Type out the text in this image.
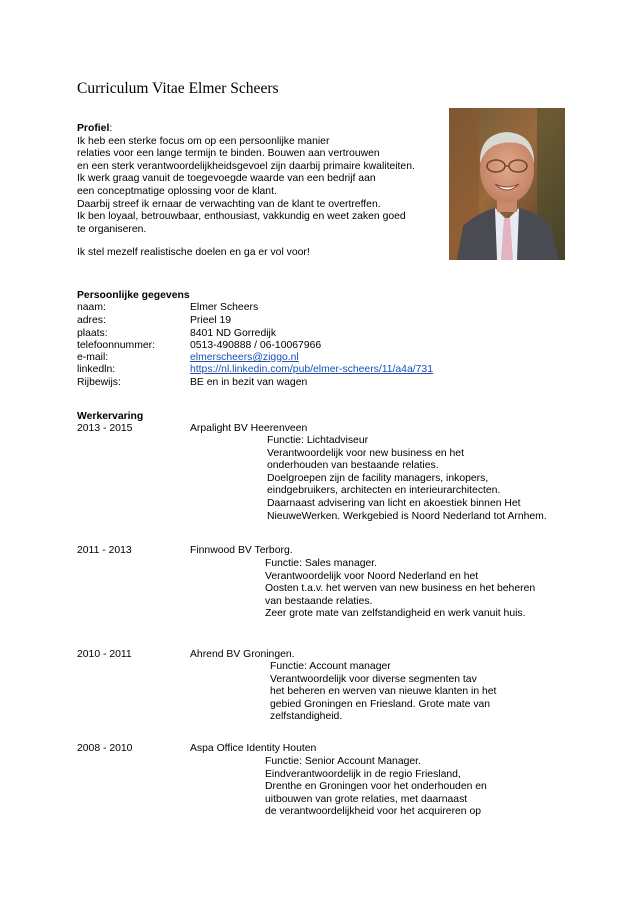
Curriculum Vitae Elmer Scheers
Profiel:
Ik heb een sterke focus om op een persoonlijke manier
relaties voor een lange termijn te binden. Bouwen aan vertrouwen
en een sterk verantwoordelijkheidsgevoel zijn daarbij primaire kwaliteiten.
Ik werk graag vanuit de toegevoegde waarde van een bedrijf aan
een conceptmatige oplossing voor de klant.
Daarbij streef ik ernaar de verwachting van de klant te overtreffen.
Ik ben loyaal, betrouwbaar, enthousiast, vakkundig en weet zaken goed
te organiseren.
Ik stel mezelf realistische doelen en ga er vol voor!
Persoonlijke gegevens
naam:	Elmer Scheers
adres:	Prieel 19
plaats:	8401 ND Gorredijk
telefoonnummer:	0513-490888 / 06-10067966
e-mail:	elmerscheers@ziggo.nl
linkedln:	https://nl.linkedin.com/pub/elmer-scheers/11/a4a/731
Rijbewijs:	BE en in bezit van wagen
Werkervaring
2013 - 2015	Arpalight BV Heerenveen
Functie: Lichtadviseur
Verantwoordelijk voor new business en het
onderhouden van bestaande relaties.
Doelgroepen zijn de facility managers, inkopers,
eindgebruikers, architecten en interieurarchitecten.
Daarnaast advisering van licht en akoestiek binnen Het
NieuweWerken. Werkgebied is Noord Nederland tot Arnhem.
2011 - 2013	Finnwood BV Terborg.
Functie: Sales manager.
Verantwoordelijk voor Noord Nederland en het
Oosten t.a.v. het werven van new business en het beheren
van bestaande relaties.
Zeer grote mate van zelfstandigheid en werk vanuit huis.
2010 - 2011	Ahrend BV Groningen.
Functie: Account manager
Verantwoordelijk voor diverse segmenten tav
het beheren en werven van nieuwe klanten in het
gebied Groningen en Friesland. Grote mate van
zelfstandigheid.
2008 - 2010	Aspa Office Identity Houten
Functie: Senior Account Manager.
Eindverantwoordelijk in de regio Friesland,
Drenthe en Groningen voor het onderhouden en
uitbouwen van grote relaties, met daarnaast
de verantwoordelijkheid voor het acquireren op
